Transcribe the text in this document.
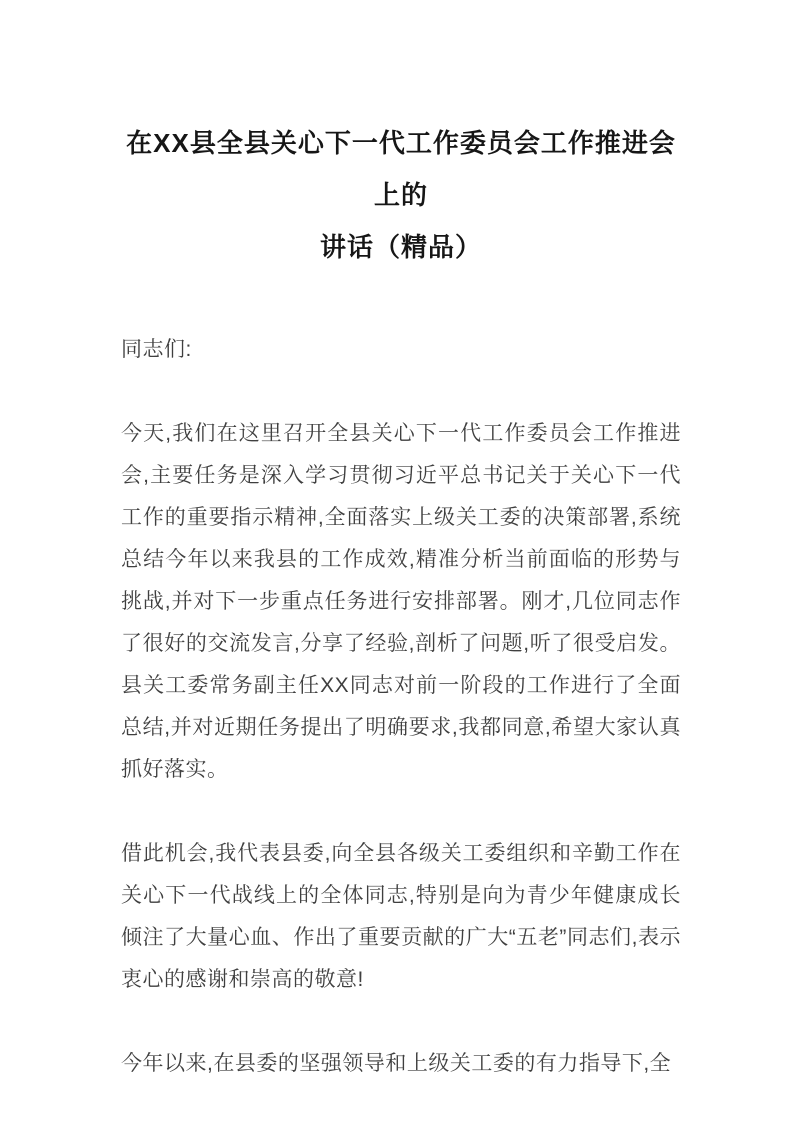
在XX县全县关心下一代工作委员会工作推进会上的
讲话（精品）

同志们:

今天,我们在这里召开全县关心下一代工作委员会工作推进会,主要任务是深入学习贯彻习近平总书记关于关心下一代工作的重要指示精神,全面落实上级关工委的决策部署,系统总结今年以来我县的工作成效,精准分析当前面临的形势与挑战,并对下一步重点任务进行安排部署。刚才,几位同志作了很好的交流发言,分享了经验,剖析了问题,听了很受启发。县关工委常务副主任XX同志对前一阶段的工作进行了全面总结,并对近期任务提出了明确要求,我都同意,希望大家认真抓好落实。

借此机会,我代表县委,向全县各级关工委组织和辛勤工作在关心下一代战线上的全体同志,特别是向为青少年健康成长倾注了大量心血、作出了重要贡献的广大“五老”同志们,表示衷心的感谢和崇高的敬意!

今年以来,在县委的坚强领导和上级关工委的有力指导下,全
